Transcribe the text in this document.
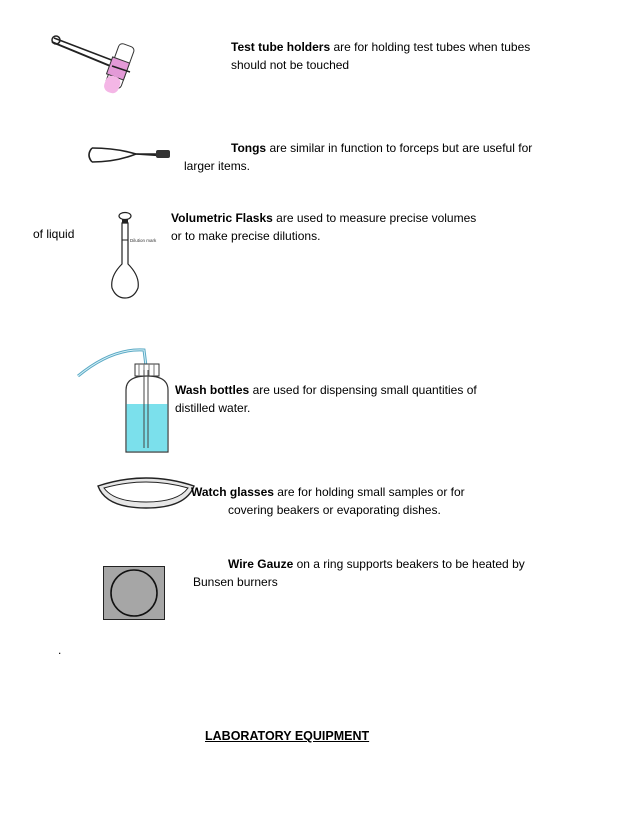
Test tube holders are for holding test tubes when tubes
should not be touched
Tongs are similar in function to forceps but are useful for
larger items.
of liquid	Dilution mark
Volumetric Flasks are used to measure precise volumes
or to make precise dilutions.
Wash bottles are used for dispensing small quantities of
distilled water.
Watch glasses are for holding small samples or for
covering beakers or evaporating dishes.
Wire Gauze on a ring supports beakers to be heated by
Bunsen burners
.
LABORATORY EQUIPMENT
